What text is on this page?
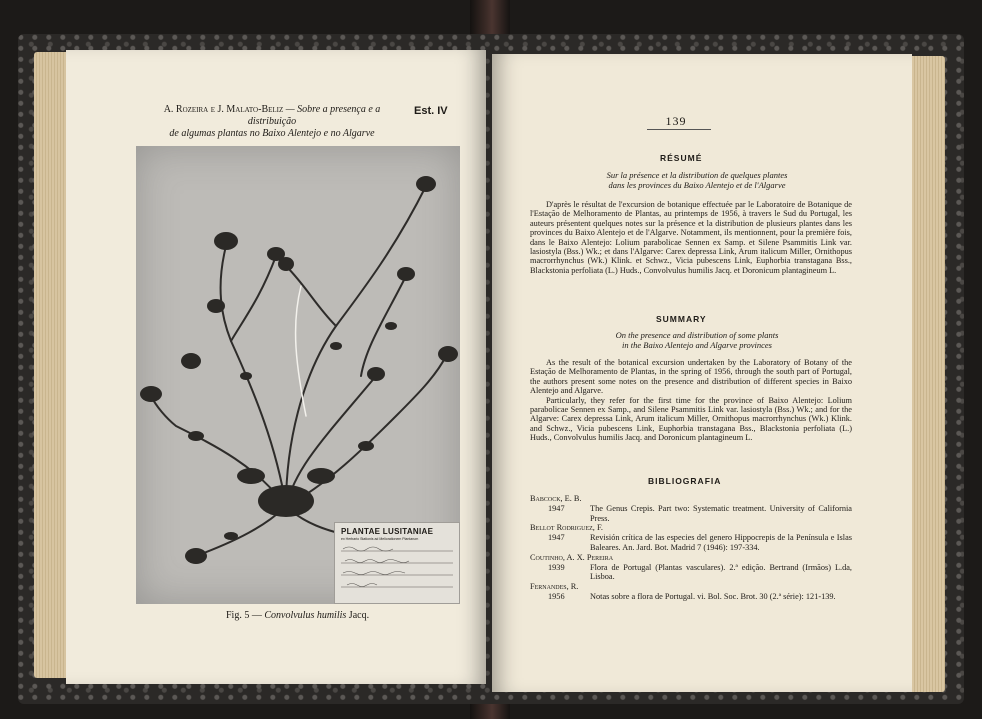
A. Rozeira e J. Malato-Beliz — Sobre a presença e a distribuição
de algumas plantas no Baixo Alentejo e no Algarve
Est. IV
PLANTAE LUSITANIAE
ex Herbario Stationis ad Meliorationem Plantarum
Fig. 5 — Convolvulus humilis Jacq.
139
RÉSUMÉ
Sur la présence et la distribution de quelques plantes
dans les provinces du Baixo Alentejo et de l'Algarve

D'après le résultat de l'excursion de botanique effectuée par le Laboratoire de Botanique de l'Estação de Melhoramento de Plantas, au printemps de 1956, à travers le Sud du Portugal, les auteurs présentent quelques notes sur la présence et la distribution de plusieurs plantes dans les provinces du Baixo Alentejo et de l'Algarve. Notamment, ils mentionnent, pour la première fois, dans le Baixo Alentejo: Lolium parabolicae Sennen ex Samp. et Silene Psammitis Link var. lasiostyla (Bss.) Wk.; et dans l'Algarve: Carex depressa Link, Arum italicum Miller, Ornithopus macrorrhynchus (Wk.) Klink. et Schwz., Vicia pubescens Link, Euphorbia transtagana Bss., Blackstonia perfoliata (L.) Huds., Convolvulus humilis Jacq. et Doronicum plantagineum L.

SUMMARY
On the presence and distribution of some plants
in the Baixo Alentejo and Algarve provinces

As the result of the botanical excursion undertaken by the Laboratory of Botany of the Estação de Melhoramento de Plantas, in the spring of 1956, through the south part of Portugal, the authors present some notes on the presence and distribution of different species in Baixo Alentejo and Algarve.

Particularly, they refer for the first time for the province of Baixo Alentejo: Lolium parabolicae Sennen ex Samp., and Silene Psammitis Link var. lasiostyla (Bss.) Wk.; and for the Algarve: Carex depressa Link, Arum italicum Miller, Ornithopus macrorrhynchus (Wk.) Klink. and Schwz., Vicia pubescens Link, Euphorbia transtagana Bss., Blackstonia perfoliata (L.) Huds., Convolvulus humilis Jacq. and Doronicum plantagineum L.

BIBLIOGRAFIA
Babcock, E. B.
1947	The Genus Crepis. Part two: Systematic treatment. University of California Press.
Bellot Rodriguez, F.
1947	Revisión crítica de las especies del genero Hippocrepis de la Península e Islas Baleares. An. Jard. Bot. Madrid 7 (1946): 197-334.
Coutinho, A. X. Pereira
1939	Flora de Portugal (Plantas vasculares). 2.ª edição. Bertrand (Irmãos) L.da, Lisboa.
Fernandes, R.
1956	Notas sobre a flora de Portugal. vi. Bol. Soc. Brot. 30 (2.ª série): 121-139.
